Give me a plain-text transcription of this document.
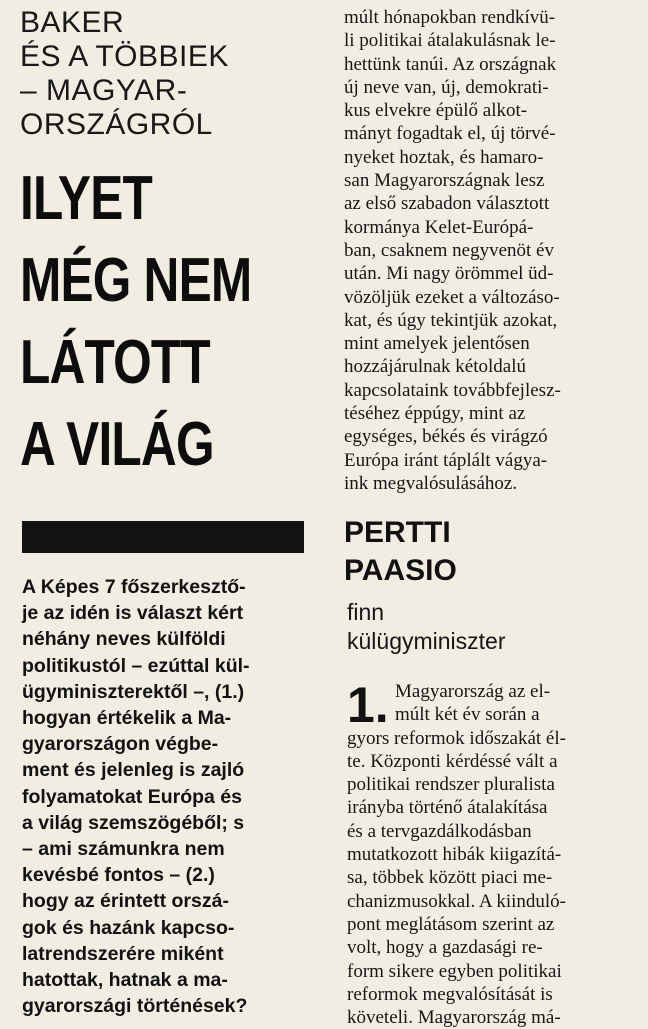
BAKER
ÉS A TÖBBIEK
– MAGYAR-
ORSZÁGRÓL
ILYET
MÉG NEM
LÁTOTT
A VILÁG
A Képes 7 főszerkesztő-
je az idén is választ kért
néhány neves külföldi
politikustól – ezúttal kül-
ügyminiszterektől –, (1.)
hogyan értékelik a Ma-
gyarországon végbe-
ment és jelenleg is zajló
folyamatokat Európa és
a világ szemszögéből; s
– ami számunkra nem
kevésbé fontos – (2.)
hogy az érintett orszá-
gok és hazánk kapcso-
latrendszerére miként
hatottak, hatnak a ma-
gyarországi történések?
múlt hónapokban rendkívü-
li politikai átalakulásnak le-
hettünk tanúi. Az országnak
új neve van, új, demokrati-
kus elvekre épülő alkot-
mányt fogadtak el, új törvé-
nyeket hoztak, és hamaro-
san Magyarországnak lesz
az első szabadon választott
kormánya Kelet-Európá-
ban, csaknem negyvenöt év
után. Mi nagy örömmel üd-
vözöljük ezeket a változáso-
kat, és úgy tekintjük azokat,
mint amelyek jelentősen
hozzájárulnak kétoldalú
kapcsolataink továbbfejlesz-
téséhez éppúgy, mint az
egységes, békés és virágzó
Európa iránt táplált vágya-
ink megvalósulásához.
PERTTI
PAASIO
finn
külügyminiszter
1. Magyarország az el-
múlt két év során a
gyors reformok időszakát él-
te. Központi kérdéssé vált a
politikai rendszer pluralista
irányba történő átalakítása
és a tervgazdálkodásban
mutatkozott hibák kiigazítá-
sa, többek között piaci me-
chanizmusokkal. A kiinduló-
pont meglátásom szerint az
volt, hogy a gazdasági re-
form sikere egyben politikai
reformok megvalósítását is
követeli. Magyarország má-
